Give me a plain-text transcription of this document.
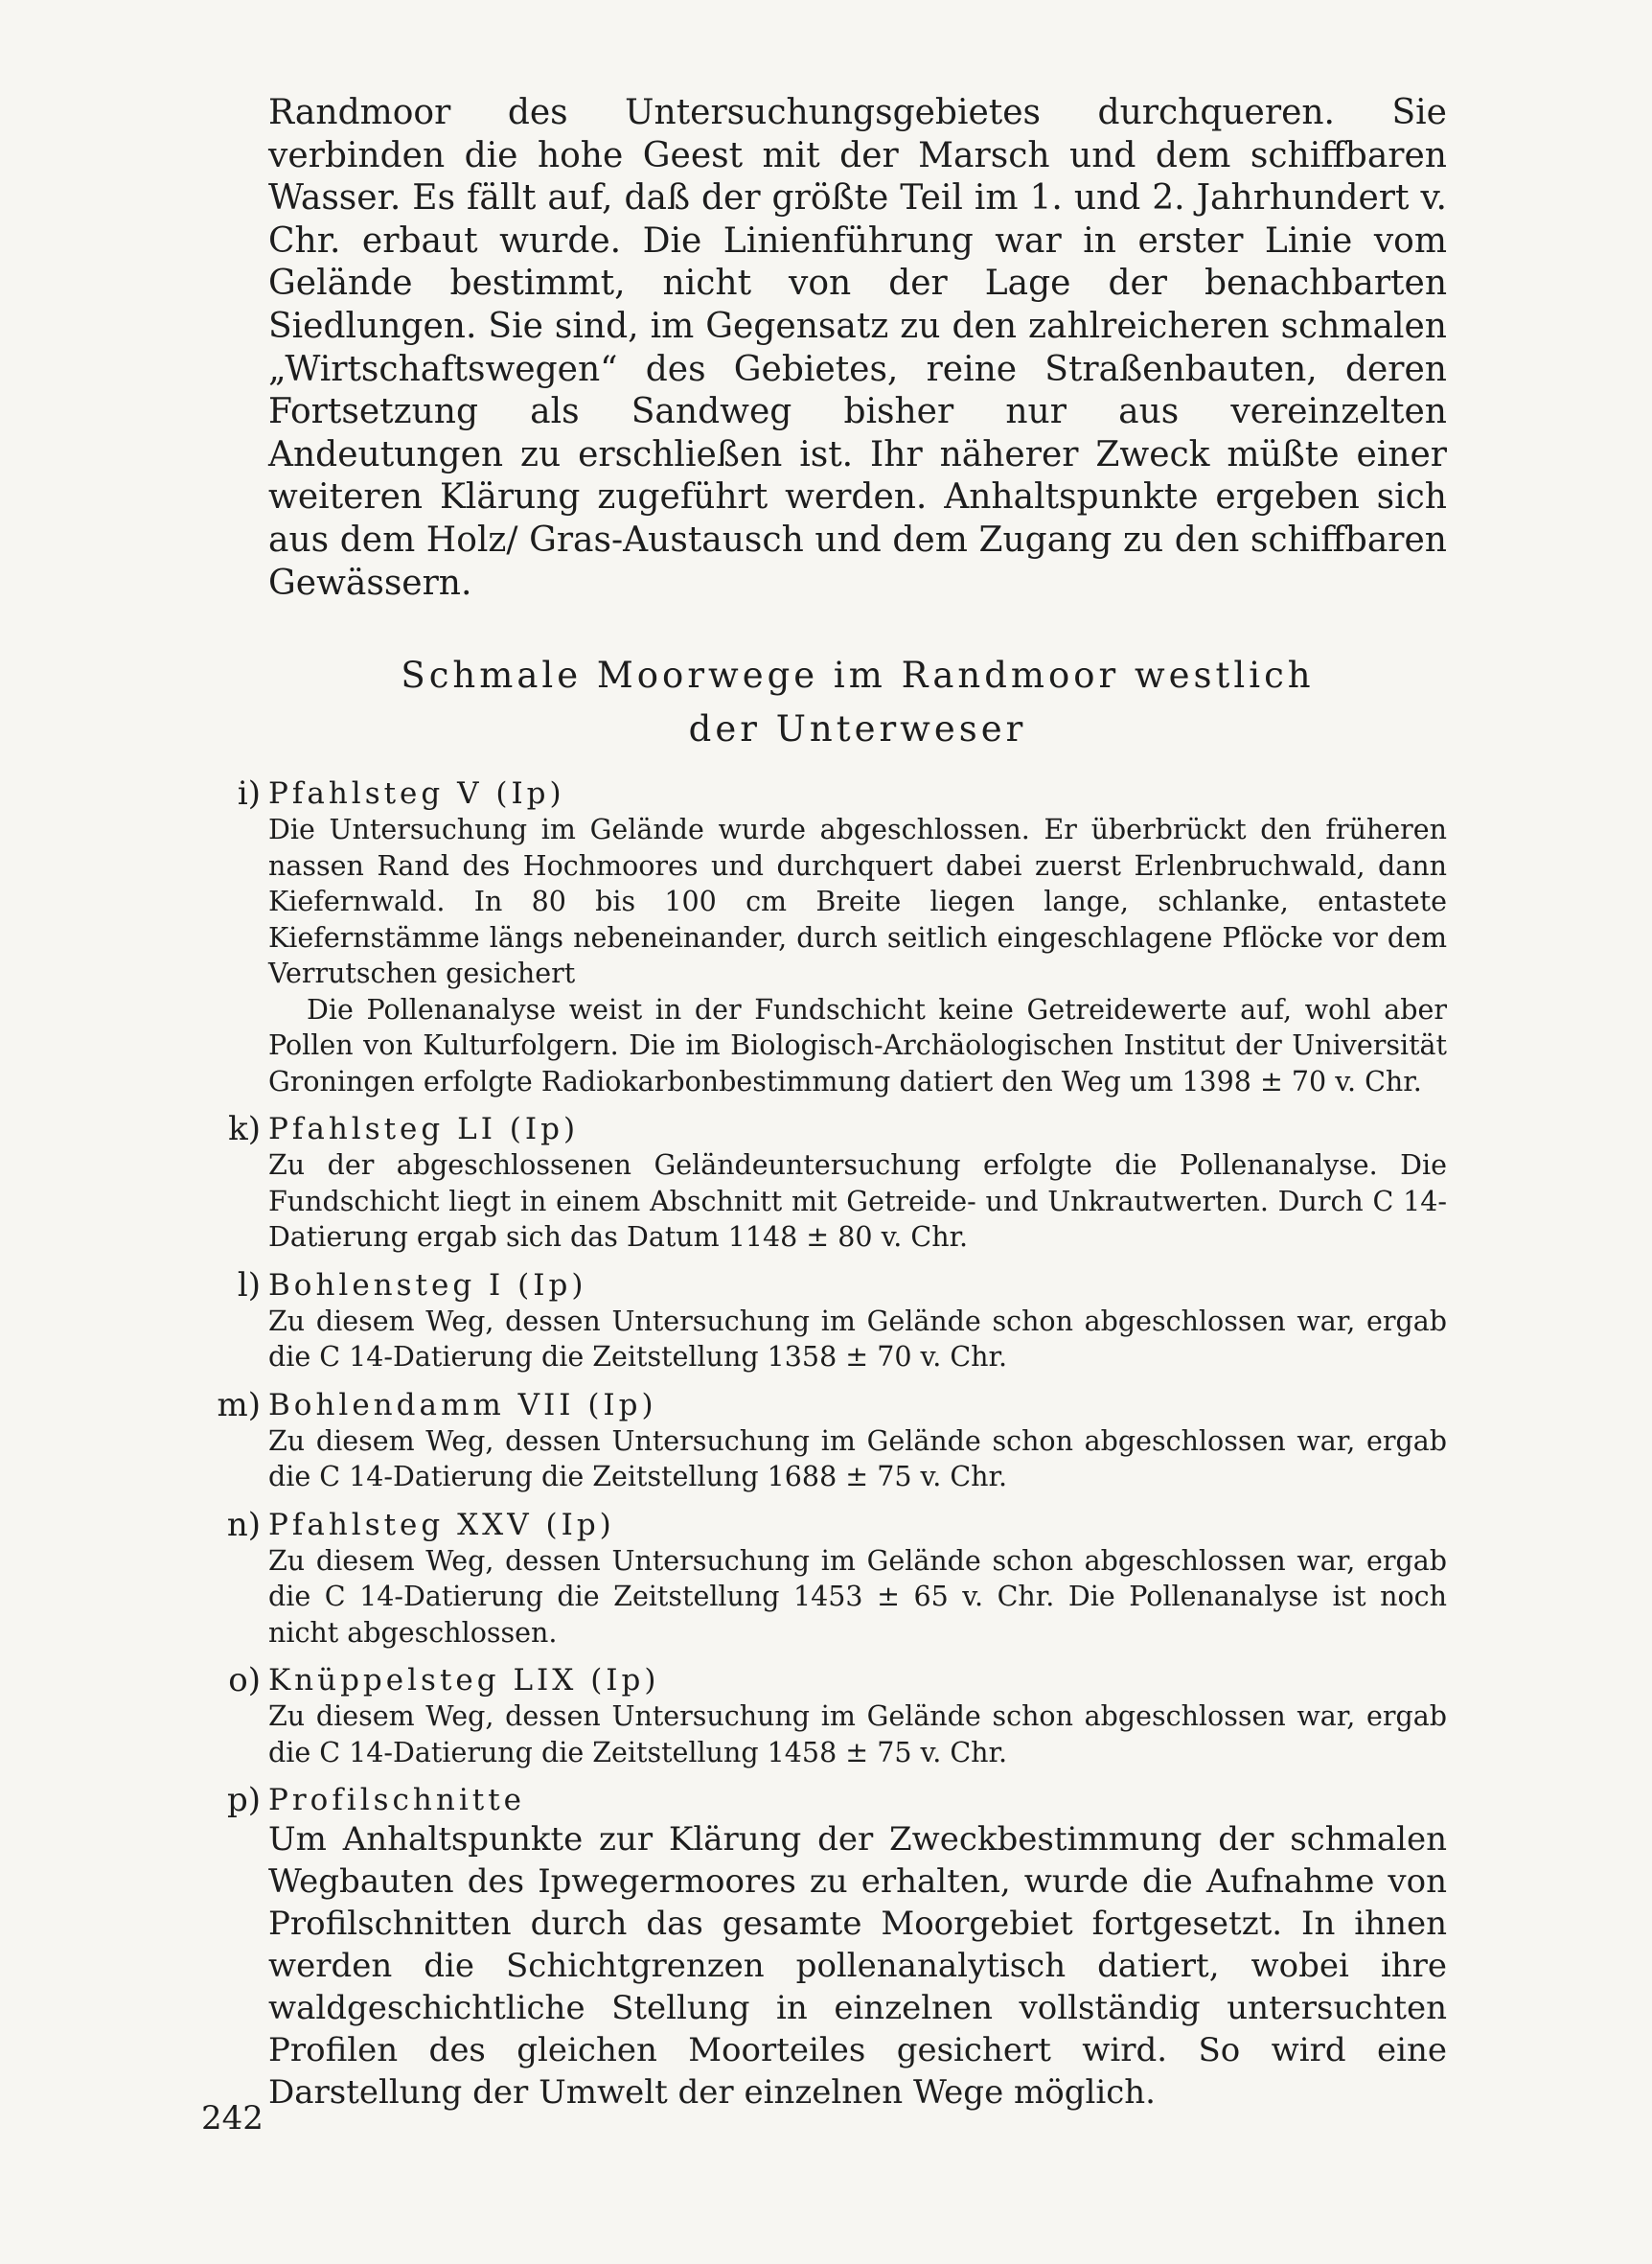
Randmoor des Untersuchungsgebietes durchqueren. Sie verbinden die hohe Geest mit der Marsch und dem schiffbaren Wasser. Es fällt auf, daß der größte Teil im 1. und 2. Jahrhundert v. Chr. erbaut wurde. Die Linienführung war in erster Linie vom Gelände bestimmt, nicht von der Lage der benachbarten Siedlungen. Sie sind, im Gegensatz zu den zahlreicheren schmalen „Wirtschaftswegen“ des Gebietes, reine Straßenbauten, deren Fortsetzung als Sandweg bisher nur aus vereinzelten Andeutungen zu erschließen ist. Ihr näherer Zweck müßte einer weiteren Klärung zugeführt werden. Anhaltspunkte ergeben sich aus dem Holz/ Gras-Austausch und dem Zugang zu den schiffbaren Gewässern.

Schmale Moorwege im Randmoor westlich
der Unterweser
i) Pfahlsteg V (Ip)

Die Untersuchung im Gelände wurde abgeschlossen. Er überbrückt den früheren nassen Rand des Hochmoores und durchquert dabei zuerst Erlenbruchwald, dann Kiefernwald. In 80 bis 100 cm Breite liegen lange, schlanke, entastete Kiefernstämme längs nebeneinander, durch seitlich eingeschlagene Pflöcke vor dem Verrutschen gesichert

Die Pollenanalyse weist in der Fundschicht keine Getreidewerte auf, wohl aber Pollen von Kulturfolgern. Die im Biologisch-Archäologischen Institut der Universität Groningen erfolgte Radiokarbonbestimmung datiert den Weg um 1398 ± 70 v. Chr.

k) Pfahlsteg LI (Ip)

Zu der abgeschlossenen Geländeuntersuchung erfolgte die Pollenanalyse. Die Fundschicht liegt in einem Abschnitt mit Getreide- und Unkrautwerten. Durch C 14-Datierung ergab sich das Datum 1148 ± 80 v. Chr.

l) Bohlensteg I (Ip)

Zu diesem Weg, dessen Untersuchung im Gelände schon abgeschlossen war, ergab die C 14-Datierung die Zeitstellung 1358 ± 70 v. Chr.

m) Bohlendamm VII (Ip)

Zu diesem Weg, dessen Untersuchung im Gelände schon abgeschlossen war, ergab die C 14-Datierung die Zeitstellung 1688 ± 75 v. Chr.

n) Pfahlsteg XXV (Ip)

Zu diesem Weg, dessen Untersuchung im Gelände schon abgeschlossen war, ergab die C 14-Datierung die Zeitstellung 1453 ± 65 v. Chr. Die Pollenanalyse ist noch nicht abgeschlossen.

o) Knüppelsteg LIX (Ip)

Zu diesem Weg, dessen Untersuchung im Gelände schon abgeschlossen war, ergab die C 14-Datierung die Zeitstellung 1458 ± 75 v. Chr.

p) Profilschnitte

Um Anhaltspunkte zur Klärung der Zweckbestimmung der schmalen Wegbauten des Ipwegermoores zu erhalten, wurde die Aufnahme von Profilschnitten durch das gesamte Moorgebiet fortgesetzt. In ihnen werden die Schichtgrenzen pollenanalytisch datiert, wobei ihre waldgeschichtliche Stellung in einzelnen vollständig untersuchten Profilen des gleichen Moorteiles gesichert wird. So wird eine Darstellung der Umwelt der einzelnen Wege möglich.

242
